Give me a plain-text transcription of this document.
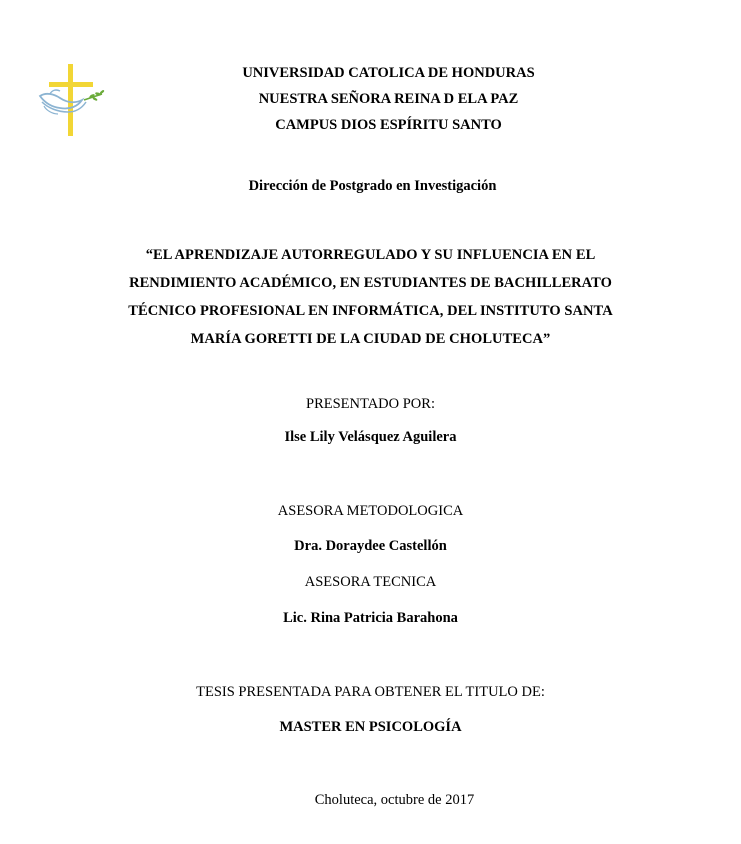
UNIVERSIDAD CATOLICA DE HONDURAS
NUESTRA SEÑORA REINA D ELA PAZ
CAMPUS DIOS ESPÍRITU SANTO
Dirección de Postgrado en Investigación
“EL APRENDIZAJE AUTORREGULADO Y SU INFLUENCIA EN EL
RENDIMIENTO ACADÉMICO, EN ESTUDIANTES DE BACHILLERATO
TÉCNICO PROFESIONAL EN INFORMÁTICA, DEL INSTITUTO SANTA
MARÍA GORETTI DE LA CIUDAD DE CHOLUTECA”
PRESENTADO POR:
Ilse Lily Velásquez Aguilera
ASESORA METODOLOGICA
Dra. Doraydee Castellón
ASESORA TECNICA
Lic. Rina Patricia Barahona
TESIS PRESENTADA PARA OBTENER EL TITULO DE:
MASTER EN PSICOLOGÍA
Choluteca, octubre de 2017
